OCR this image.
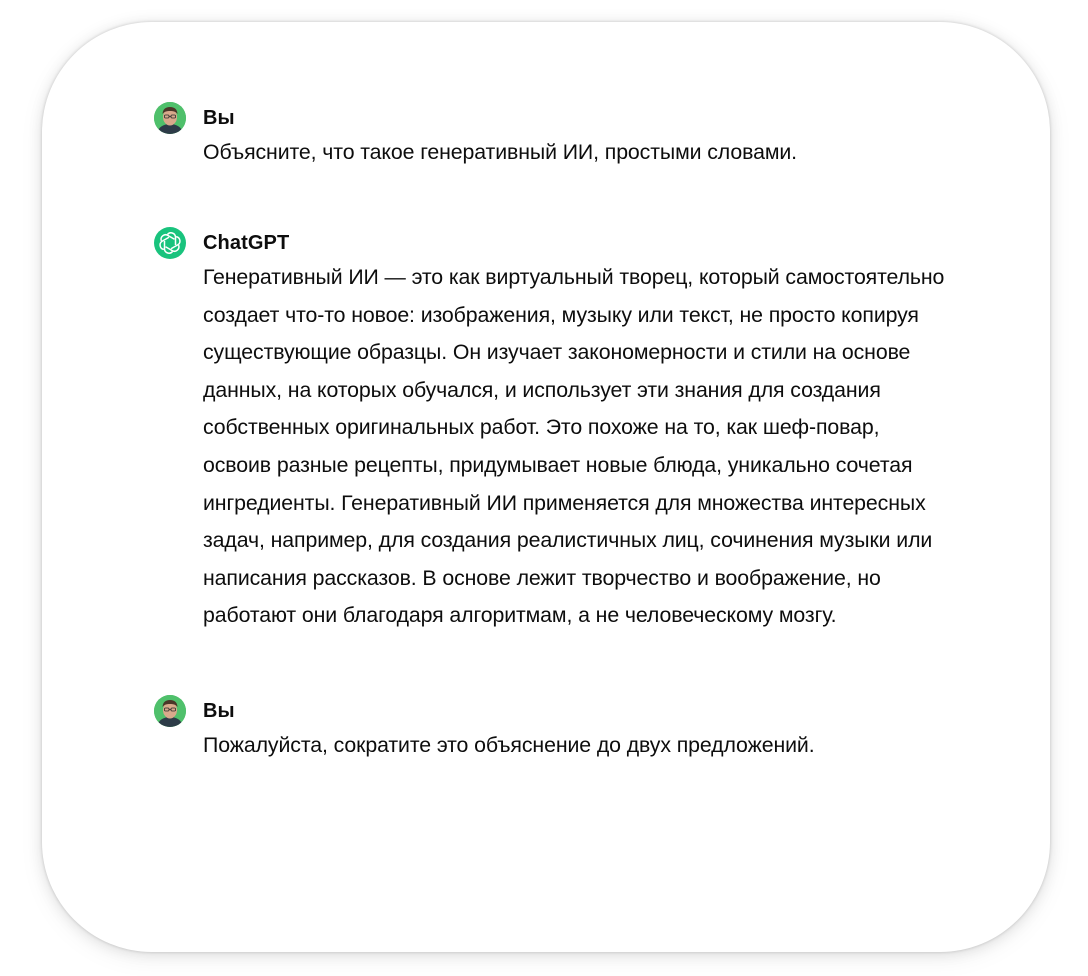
Вы
Объясните, что такое генеративный ИИ, простыми словами.
ChatGPT
Генеративный ИИ — это как виртуальный творец, который самостоятельно
создает что-то новое: изображения, музыку или текст, не просто копируя
существующие образцы. Он изучает закономерности и стили на основе
данных, на которых обучался, и использует эти знания для создания
собственных оригинальных работ. Это похоже на то, как шеф-повар,
освоив разные рецепты, придумывает новые блюда, уникально сочетая
ингредиенты. Генеративный ИИ применяется для множества интересных
задач, например, для создания реалистичных лиц, сочинения музыки или
написания рассказов. В основе лежит творчество и воображение, но
работают они благодаря алгоритмам, а не человеческому мозгу.
Вы
Пожалуйста, сократите это объяснение до двух предложений.
